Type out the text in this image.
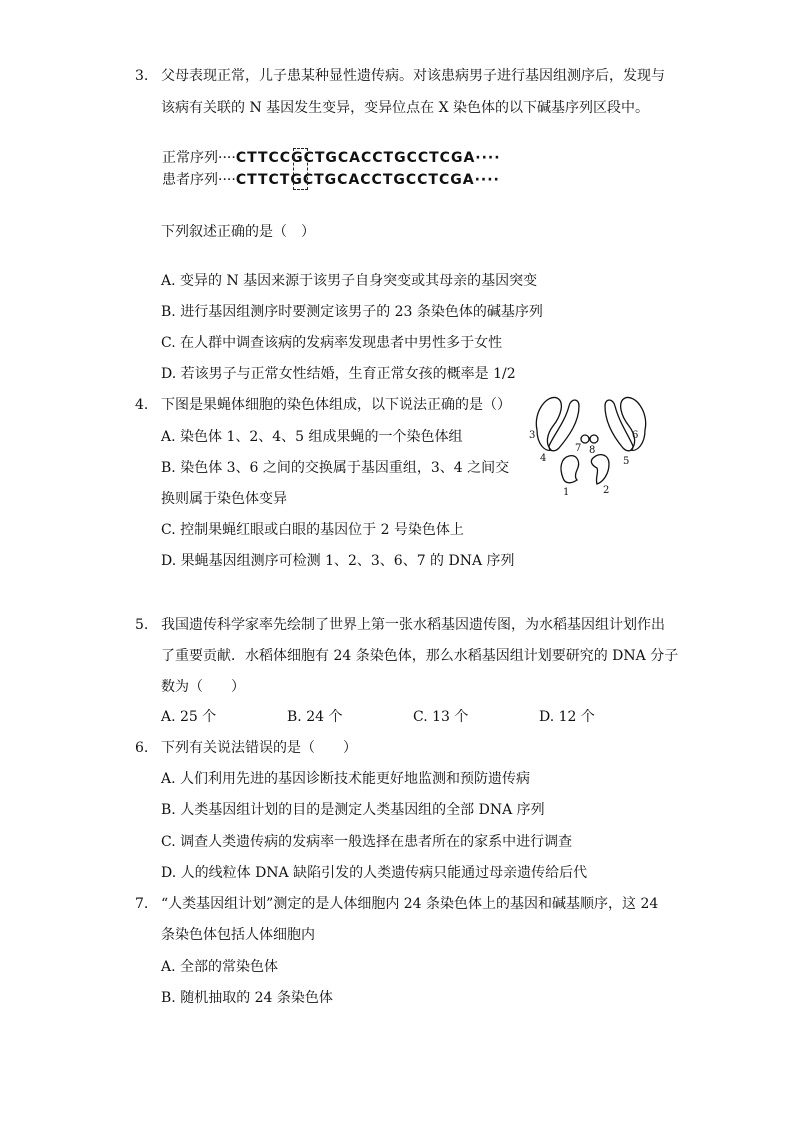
3. 父母表现正常，儿子患某种显性遗传病。对该患病男子进行基因组测序后，发现与
该病有关联的 N 基因发生变异，变异位点在 X 染色体的以下碱基序列区段中。
正常序列····CTTCCGCTGCACCTGCCTCGA····
患者序列····CTTCTGCTGCACCTGCCTCGA····
下列叙述正确的是（　）
A. 变异的 N 基因来源于该男子自身突变或其母亲的基因突变
B. 进行基因组测序时要测定该男子的 23 条染色体的碱基序列
C. 在人群中调查该病的发病率发现患者中男性多于女性
D. 若该男子与正常女性结婚，生育正常女孩的概率是 1/2
4. 下图是果蝇体细胞的染色体组成，以下说法正确的是（）
A. 染色体 1、2、4、5 组成果蝇的一个染色体组
B. 染色体 3、6 之间的交换属于基因重组，3、4 之间交
换则属于染色体变异
C. 控制果蝇红眼或白眼的基因位于 2 号染色体上
D. 果蝇基因组测序可检测 1、2、3、6、7 的 DNA 序列
1	2
3
4	5
6
7 8
5. 我国遗传科学家率先绘制了世界上第一张水稻基因遗传图，为水稻基因组计划作出
了重要贡献．水稻体细胞有 24 条染色体，那么水稻基因组计划要研究的 DNA 分子
数为（　　）
A. 25 个	B. 24 个	C. 13 个	D. 12 个
6. 下列有关说法错误的是（　　）
A. 人们利用先进的基因诊断技术能更好地监测和预防遗传病
B. 人类基因组计划的目的是测定人类基因组的全部 DNA 序列
C. 调查人类遗传病的发病率一般选择在患者所在的家系中进行调查
D. 人的线粒体 DNA 缺陷引发的人类遗传病只能通过母亲遗传给后代
7. “人类基因组计划”测定的是人体细胞内 24 条染色体上的基因和碱基顺序，这 24
条染色体包括人体细胞内
A. 全部的常染色体
B. 随机抽取的 24 条染色体
